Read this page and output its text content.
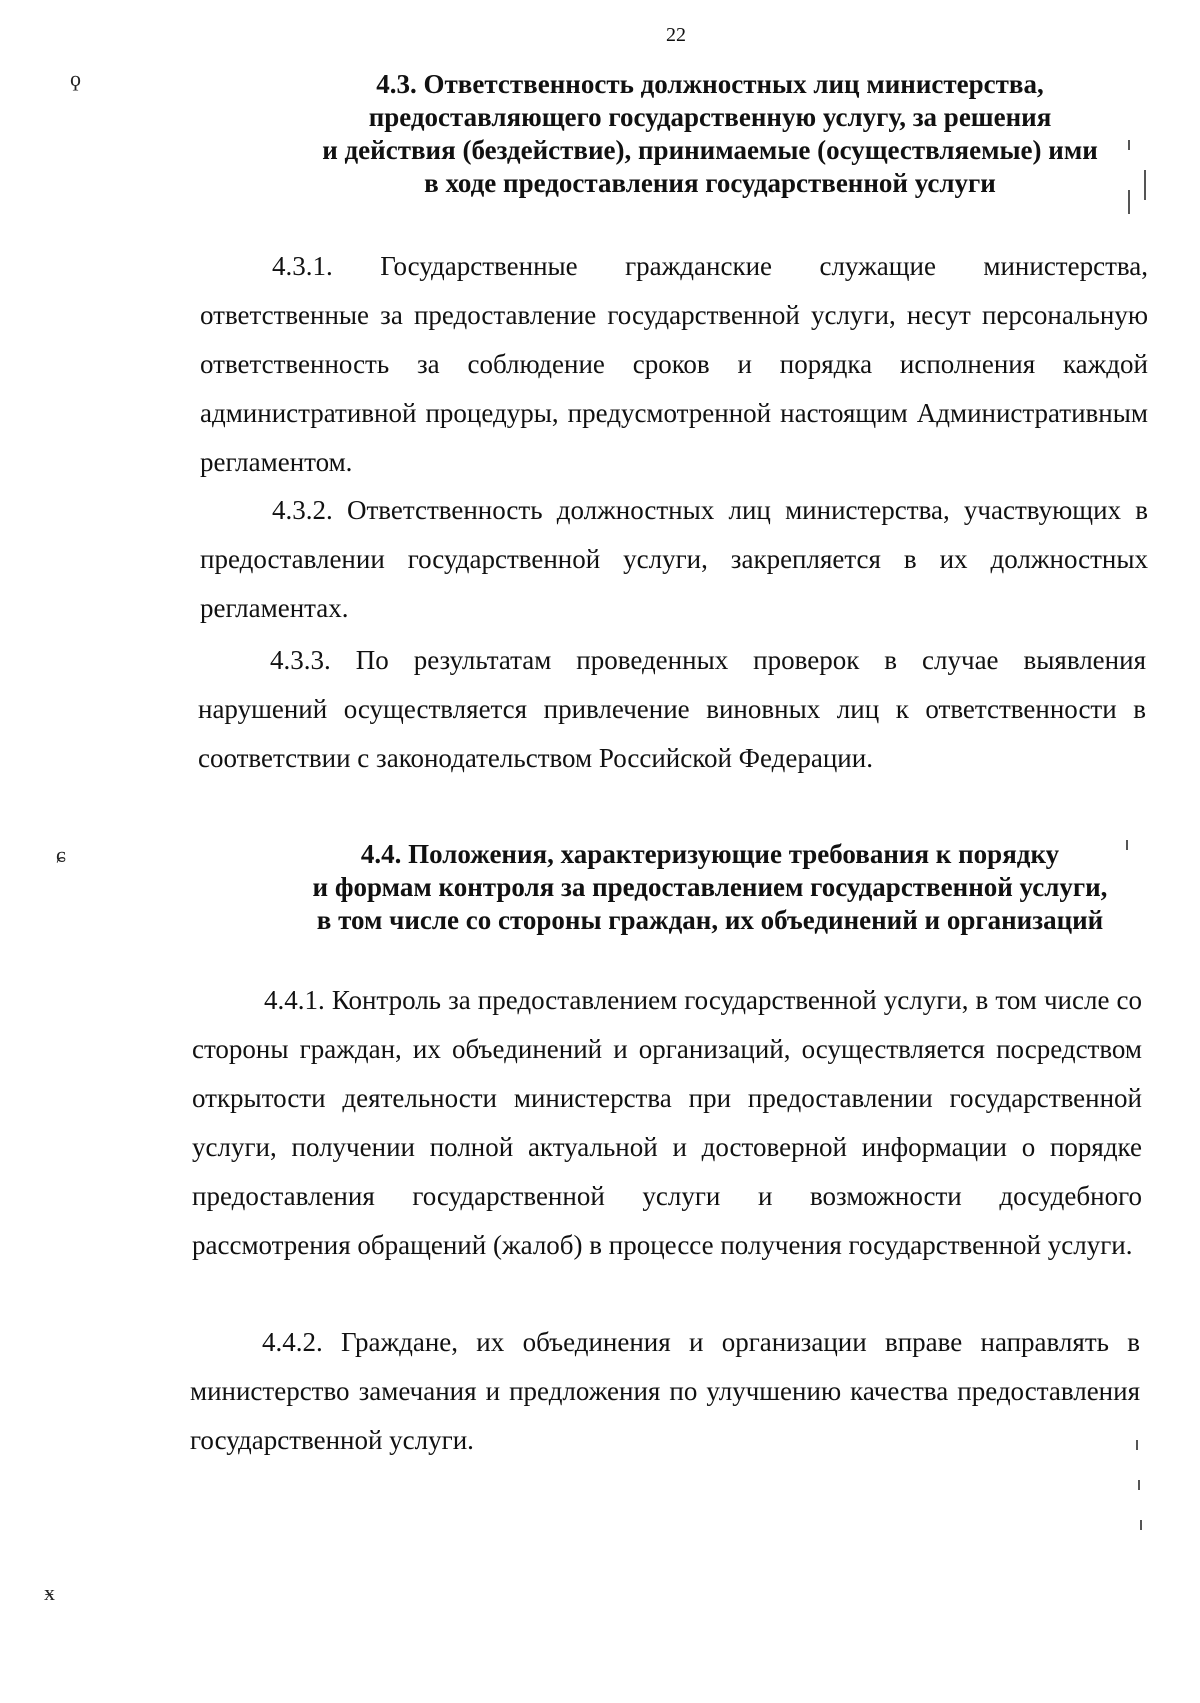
22
ϙ
ɕ
ӿ
4.3. Ответственность должностных лиц министерства,
предоставляющего государственную услугу, за решения
и действия (бездействие), принимаемые (осуществляемые) ими
в ходе предоставления государственной услуги
4.3.1. Государственные гражданские служащие министерства, ответственные за предоставление государственной услуги, несут персональную ответственность за соблюдение сроков и порядка исполнения каждой административной процедуры, предусмотренной настоящим Административным регламентом.
4.3.2. Ответственность должностных лиц министерства, участвующих в предоставлении государственной услуги, закрепляется в их должностных регламентах.
4.3.3. По результатам проведенных проверок в случае выявления нарушений осуществляется привлечение виновных лиц к ответственности в соответствии с законодательством Российской Федерации.
4.4. Положения, характеризующие требования к порядку
и формам контроля за предоставлением государственной услуги,
в том числе со стороны граждан, их объединений и организаций
4.4.1. Контроль за предоставлением государственной услуги, в том числе со стороны граждан, их объединений и организаций, осуществляется посредством открытости деятельности министерства при предоставлении государственной услуги, получении полной актуальной и достоверной информации о порядке предоставления государственной услуги и возможности досудебного рассмотрения обращений (жалоб) в процессе получения государственной услуги.
4.4.2. Граждане, их объединения и организации вправе направлять в министерство замечания и предложения по улучшению качества предоставления государственной услуги.
